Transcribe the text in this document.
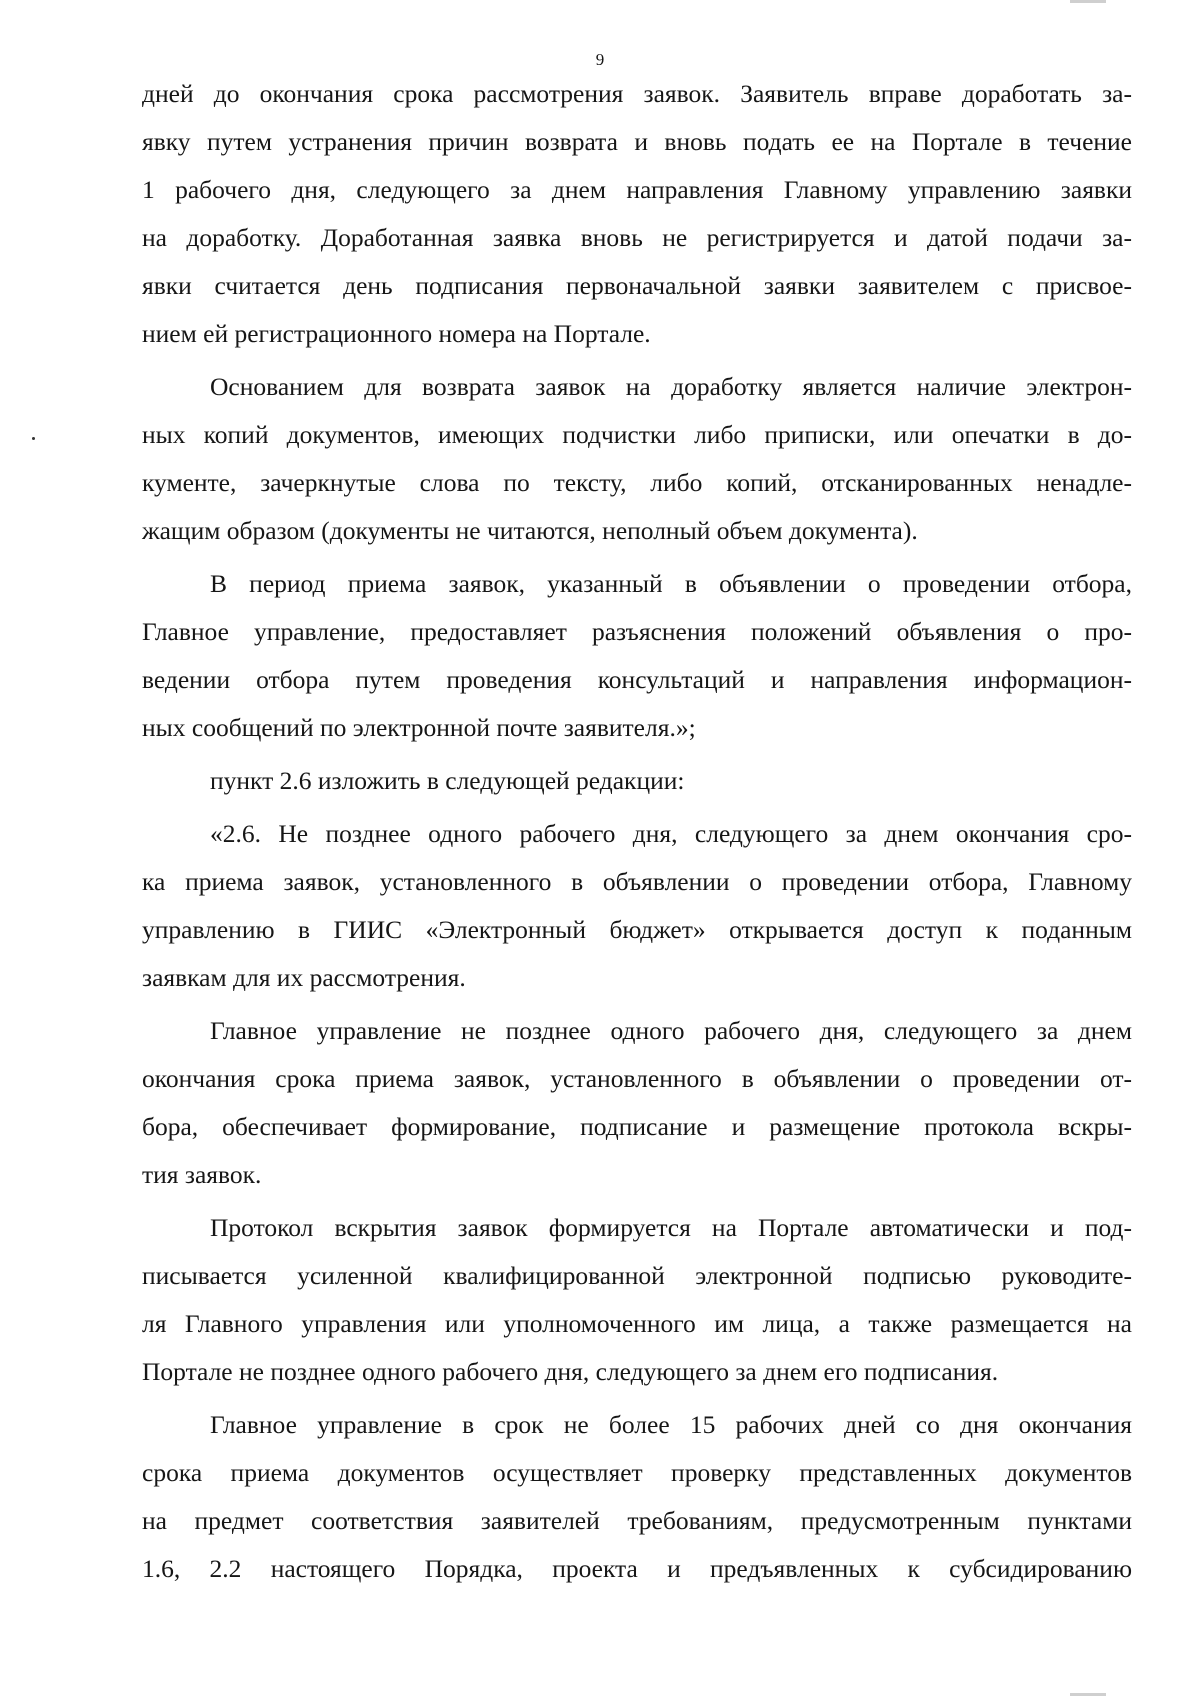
9

дней до окончания срока рассмотрения заявок. Заявитель вправе доработать за-
явку путем устранения причин возврата и вновь подать ее на Портале в течение
1 рабочего дня, следующего за днем направления Главному управлению заявки
на доработку. Доработанная заявка вновь не регистрируется и датой подачи за-
явки считается день подписания первоначальной заявки заявителем с присвое-
нием ей регистрационного номера на Портале.

Основанием для возврата заявок на доработку является наличие электрон-
ных копий документов, имеющих подчистки либо приписки, или опечатки в до-
кументе, зачеркнутые слова по тексту, либо копий, отсканированных ненадле-
жащим образом (документы не читаются, неполный объем документа).

В период приема заявок, указанный в объявлении о проведении отбора,
Главное управление, предоставляет разъяснения положений объявления о про-
ведении отбора путем проведения консультаций и направления информацион-
ных сообщений по электронной почте заявителя.»;

пункт 2.6 изложить в следующей редакции:

«2.6. Не позднее одного рабочего дня, следующего за днем окончания сро-
ка приема заявок, установленного в объявлении о проведении отбора, Главному
управлению в ГИИС «Электронный бюджет» открывается доступ к поданным
заявкам для их рассмотрения.

Главное управление не позднее одного рабочего дня, следующего за днем
окончания срока приема заявок, установленного в объявлении о проведении от-
бора, обеспечивает формирование, подписание и размещение протокола вскры-
тия заявок.

Протокол вскрытия заявок формируется на Портале автоматически и под-
писывается усиленной квалифицированной электронной подписью руководите-
ля Главного управления или уполномоченного им лица, а также размещается на
Портале не позднее одного рабочего дня, следующего за днем его подписания.

Главное управление в срок не более 15 рабочих дней со дня окончания
срока приема документов осуществляет проверку представленных документов
на предмет соответствия заявителей требованиям, предусмотренным пунктами
1.6, 2.2 настоящего Порядка, проекта и предъявленных к субсидированию
